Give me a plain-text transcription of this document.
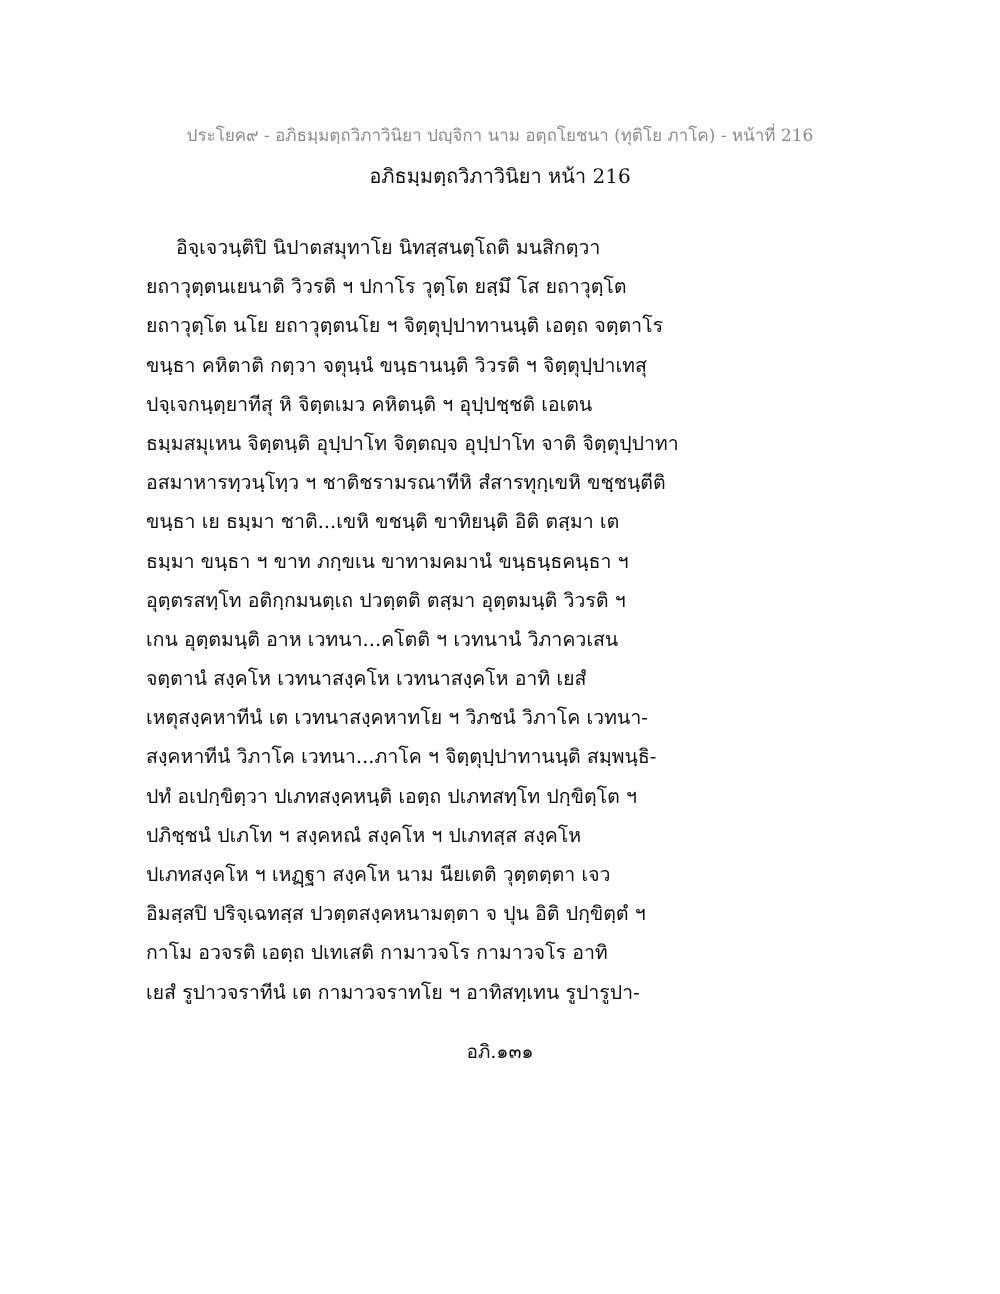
ประโยค๙ - อภิธมฺมตฺถวิภาวินิยา ปญฺจิกา นาม อตฺถโยชนา (ทุติโย ภาโค) - หน้าที่ 216
อภิธมฺมตฺถวิภาวินิยา หน้า 216
อิจฺเจวนฺติปิ นิปาตสมุทาโย นิทสฺสนตฺโถติ มนสิกตฺวา
ยถาวุตฺตนเยนาติ วิวรติ ฯ ปกาโร วุตฺโต ยสฺมึ โส ยถาวุตฺโต
ยถาวุตฺโต นโย ยถาวุตฺตนโย ฯ จิตฺตุปฺปาทานนฺติ เอตฺถ จตฺตาโร
ขนฺธา คหิตาติ กตฺวา จตุนฺนํ ขนฺธานนฺติ วิวรติ ฯ จิตฺตุปฺปาเทสุ
ปจฺเจกนฺตฺยาทีสุ หิ จิตฺตเมว คหิตนฺติ ฯ อุปฺปชฺชติ เอเตน
ธมฺมสมุเหน จิตฺตนฺติ อุปฺปาโท จิตฺตญฺจ อุปฺปาโท จาติ จิตฺตุปฺปาทา
อสมาหารทฺวนฺโทฺว ฯ ชาติชรามรณาทีหิ สํสารทุกฺเขหิ ขชฺชนฺตีติ
ขนฺธา เย ธมฺมา ชาติ...เขหิ ขชนฺติ ขาทิยนฺติ อิติ ตสฺมา เต
ธมฺมา ขนฺธา ฯ ขาท ภกฺขเน ขาทามคมานํ ขนฺธนฺธคนฺธา ฯ
อุตฺตรสทฺโท อติกฺกมนตฺเถ ปวตฺตติ ตสฺมา อุตฺตมนฺติ วิวรติ ฯ
เกน อุตฺตมนฺติ อาห เวทนา...คโตติ ฯ เวทนานํ วิภาควเสน
จตฺตานํ สงฺคโห เวทนาสงฺคโห เวทนาสงฺคโห อาทิ เยสํ
เหตุสงฺคหาทีนํ เต เวทนาสงฺคหาทโย ฯ วิภชนํ วิภาโค เวทนา-
สงฺคหาทีนํ วิภาโค เวทนา...ภาโค ฯ จิตฺตุปฺปาทานนฺติ สมฺพนฺธิ-
ปทํ อเปกฺขิตฺวา ปเภทสงฺคหนฺติ เอตฺถ ปเภทสทฺโท ปกฺขิตฺโต ฯ
ปภิชฺชนํ ปเภโท ฯ สงฺคหณํ สงฺคโห ฯ ปเภทสฺส สงฺคโห
ปเภทสงฺคโห ฯ เหฏฺฐา สงฺคโห นาม นียเตติ วุตฺตตฺตา เจว
อิมสฺสปิ ปริจฺเฉทสฺส ปวตฺตสงฺคหนามตฺตา จ ปุน อิติ ปกฺขิตฺตํ ฯ
กาโม อวจรติ เอตฺถ ปเทเสติ กามาวจโร กามาวจโร อาทิ
เยสํ รูปาวจราทีนํ เต กามาวจราทโย ฯ อาทิสทฺเทน รูปารูปา-
อภิ.๑๓๑
